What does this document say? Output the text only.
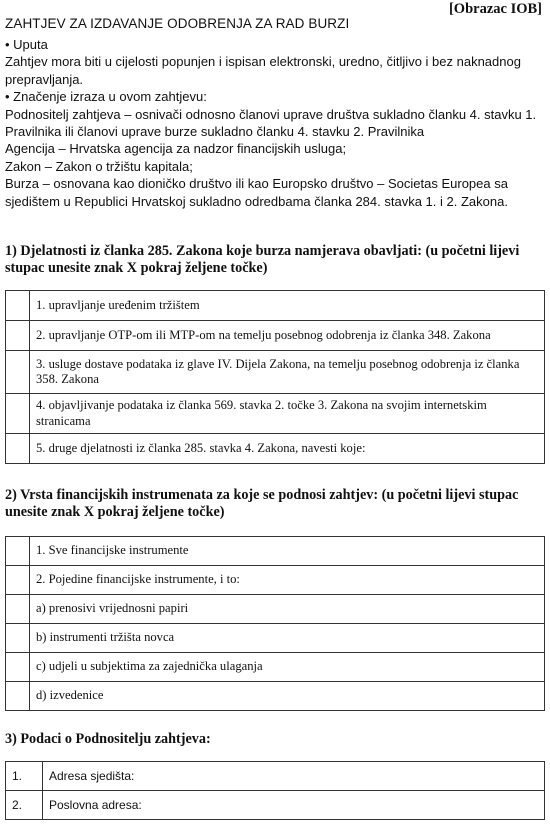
[Obrazac IOB]
ZAHTJEV ZA IZDAVANJE ODOBRENJA ZA RAD BURZI

• Uputa

Zahtjev mora biti u cijelosti popunjen i ispisan elektronski, uredno, čitljivo i bez naknadnog prepravljanja.

• Značenje izraza u ovom zahtjevu:

Podnositelj zahtjeva – osnivači odnosno članovi uprave društva sukladno članku 4. stavku 1. Pravilnika ili članovi uprave burze sukladno članku 4. stavku 2. Pravilnika

Agencija – Hrvatska agencija za nadzor financijskih usluga;

Zakon – Zakon o tržištu kapitala;

Burza – osnovana kao dioničko društvo ili kao Europsko društvo – Societas Europea sa sjedištem u Republici Hrvatskoj sukladno odredbama članka 284. stavka 1. i 2. Zakona.

1) Djelatnosti iz članka 285. Zakona koje burza namjerava obavljati: (u početni lijevi stupac unesite znak X pokraj željene točke)
	1. upravljanje uređenim tržištem
	2. upravljanje OTP-om ili MTP-om na temelju posebnog odobrenja iz članka 348. Zakona
	3. usluge dostave podataka iz glave IV. Dijela Zakona, na temelju posebnog odobrenja iz članka 358. Zakona
	4. objavljivanje podataka iz članka 569. stavka 2. točke 3. Zakona na svojim internetskim stranicama
	5. druge djelatnosti iz članka 285. stavka 4. Zakona, navesti koje:
2) Vrsta financijskih instrumenata za koje se podnosi zahtjev: (u početni lijevi stupac unesite znak X pokraj željene točke)
	1. Sve financijske instrumente
	2. Pojedine financijske instrumente, i to:
	a) prenosivi vrijednosni papiri
	b) instrumenti tržišta novca
	c) udjeli u subjektima za zajednička ulaganja
	d) izvedenice
3) Podaci o Podnositelju zahtjeva:
1.	Adresa sjedišta:
2.	Poslovna adresa:
